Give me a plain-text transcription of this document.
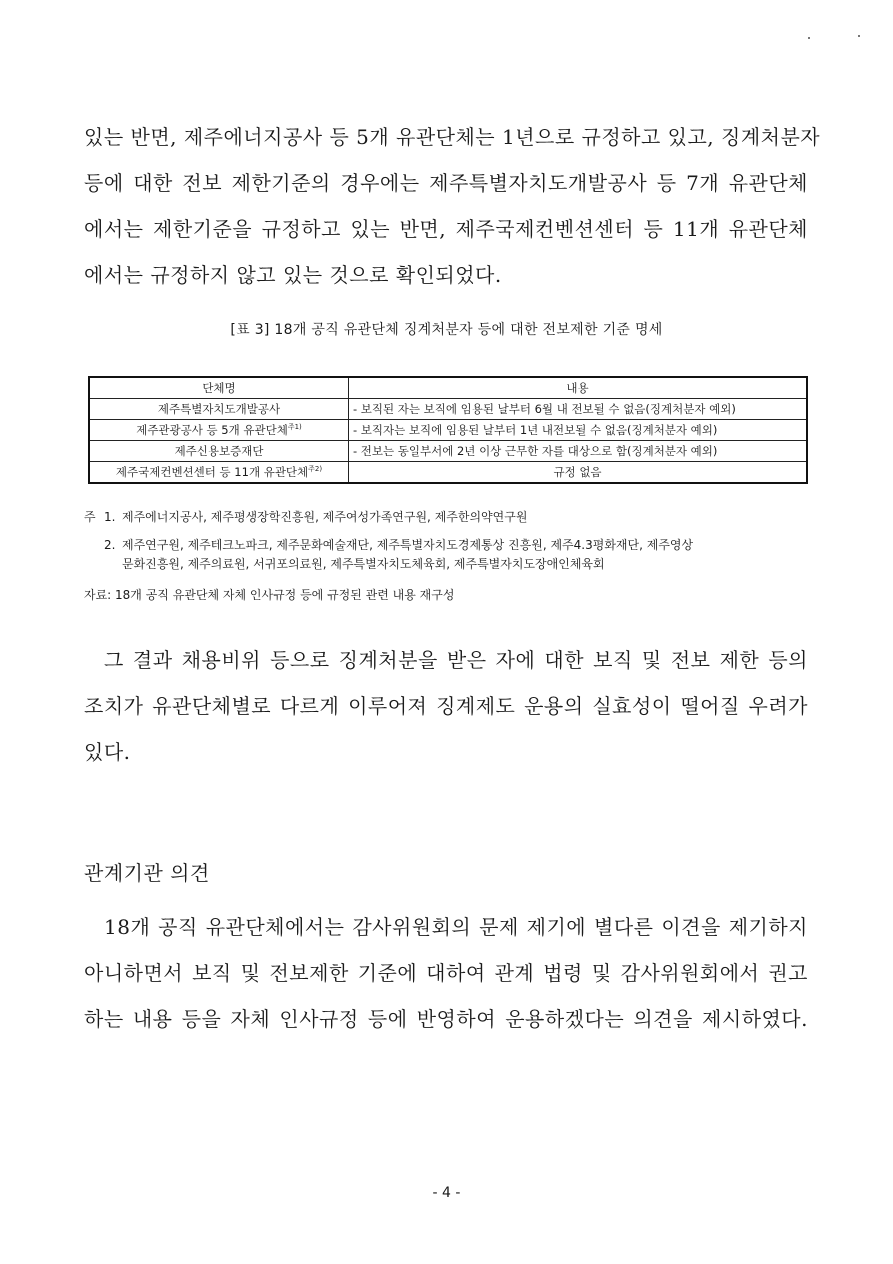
있는 반면, 제주에너지공사 등 5개 유관단체는 1년으로 규정하고 있고, 징계처분자
등에 대한 전보 제한기준의 경우에는 제주특별자치도개발공사 등 7개 유관단체
에서는 제한기준을 규정하고 있는 반면, 제주국제컨벤션센터 등 11개 유관단체
에서는 규정하지 않고 있는 것으로 확인되었다.
[표 3] 18개 공직 유관단체 징계처분자 등에 대한 전보제한 기준 명세
단체명	내용
제주특별자치도개발공사	- 보직된 자는 보직에 임용된 날부터 6월 내 전보될 수 없음(징계처분자 예외)
제주관광공사 등 5개 유관단체$^{주1)}$	- 보직자는 보직에 임용된 날부터 1년 내전보될 수 없음(징계처분자 예외)
제주신용보증재단	- 전보는 동일부서에 2년 이상 근무한 자를 대상으로 함(징계처분자 예외)
제주국제컨벤션센터 등 11개 유관단체$^{주2)}$	규정 없음
주 1. 제주에너지공사, 제주평생장학진흥원, 제주여성가족연구원, 제주한의약연구원
2. 제주연구원, 제주테크노파크, 제주문화예술재단, 제주특별자치도경제통상 진흥원, 제주4.3평화재단, 제주영상
문화진흥원, 제주의료원, 서귀포의료원, 제주특별자치도체육회, 제주특별자치도장애인체육회
자료: 18개 공직 유관단체 자체 인사규정 등에 규정된 관련 내용 재구성
그 결과 채용비위 등으로 징계처분을 받은 자에 대한 보직 및 전보 제한 등의
조치가 유관단체별로 다르게 이루어져 징계제도 운용의 실효성이 떨어질 우려가
있다.
관계기관 의견
18개 공직 유관단체에서는 감사위원회의 문제 제기에 별다른 이견을 제기하지
아니하면서 보직 및 전보제한 기준에 대하여 관계 법령 및 감사위원회에서 권고
하는 내용 등을 자체 인사규정 등에 반영하여 운용하겠다는 의견을 제시하였다.
- 4 -
